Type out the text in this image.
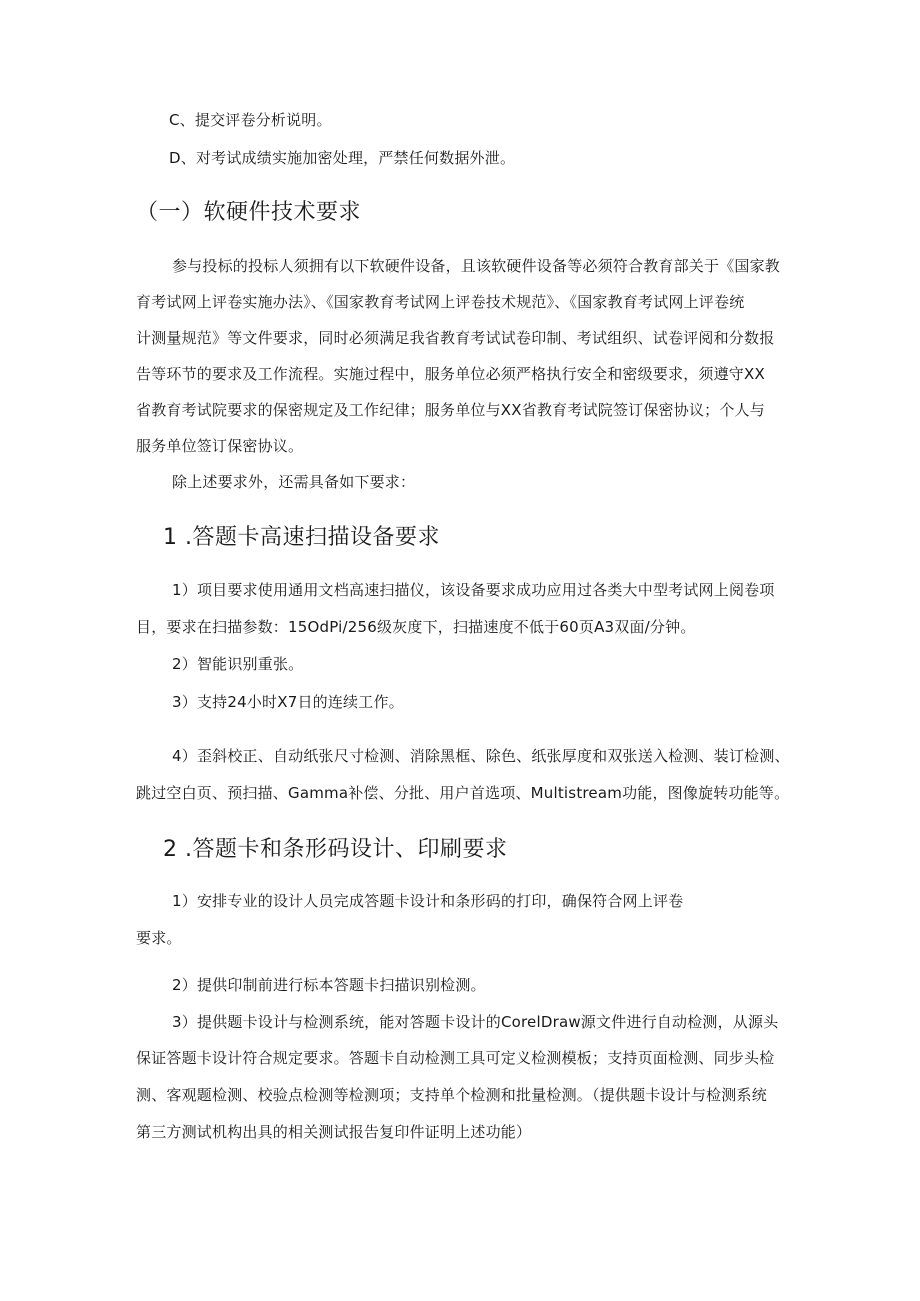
C、提交评卷分析说明。
D、对考试成绩实施加密处理，严禁任何数据外泄。
（一）软硬件技术要求
参与投标的投标人须拥有以下软硬件设备，且该软硬件设备等必须符合教育部关于《国家教
育考试网上评卷实施办法》、《国家教育考试网上评卷技术规范》、《国家教育考试网上评卷统
计测量规范》等文件要求，同时必须满足我省教育考试试卷印制、考试组织、试卷评阅和分数报
告等环节的要求及工作流程。实施过程中，服务单位必须严格执行安全和密级要求，须遵守XX
省教育考试院要求的保密规定及工作纪律；服务单位与XX省教育考试院签订保密协议；个人与
服务单位签订保密协议。
除上述要求外，还需具备如下要求：
1 .答题卡高速扫描设备要求
1）项目要求使用通用文档高速扫描仪，该设备要求成功应用过各类大中型考试网上阅卷项
目，要求在扫描参数：15OdPi/256级灰度下，扫描速度不低于60页A3双面/分钟。
2）智能识别重张。
3）支持24小时X7日的连续工作。
4）歪斜校正、自动纸张尺寸检测、消除黑框、除色、纸张厚度和双张送入检测、装订检测、
跳过空白页、预扫描、Gamma补偿、分批、用户首选项、Multistream功能，图像旋转功能等。
2 .答题卡和条形码设计、印刷要求
1）安排专业的设计人员完成答题卡设计和条形码的打印，确保符合网上评卷
要求。
2）提供印制前进行标本答题卡扫描识别检测。
3）提供题卡设计与检测系统，能对答题卡设计的CorelDraw源文件进行自动检测，从源头
保证答题卡设计符合规定要求。答题卡自动检测工具可定义检测模板；支持页面检测、同步头检
测、客观题检测、校验点检测等检测项；支持单个检测和批量检测。（提供题卡设计与检测系统
第三方测试机构出具的相关测试报告复印件证明上述功能）
